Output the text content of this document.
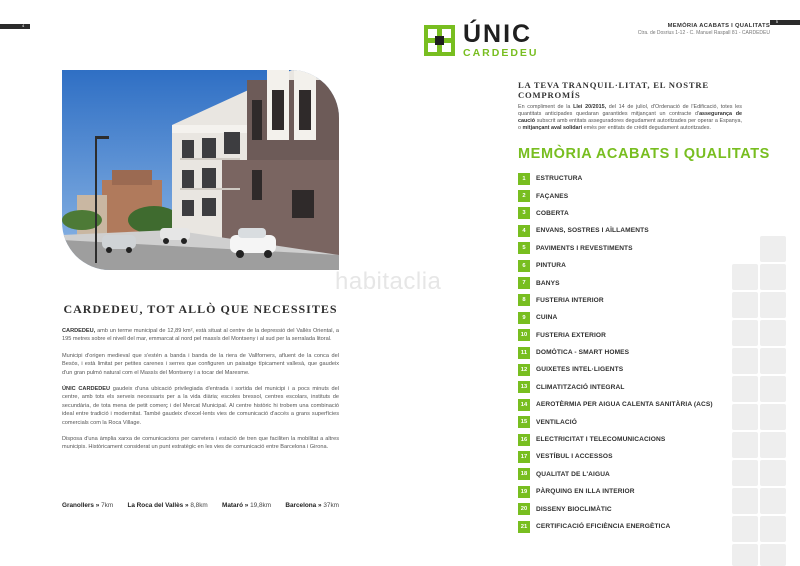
4
CARDEDEU, TOT ALLÒ QUE NECESSITES

CARDEDEU, amb un terme municipal de 12,89 km², està situat al centre de la depressió del Vallès Oriental, a 195 metres sobre el nivell del mar, emmarcat al nord pel massís del Montseny i al sud per la serralada litoral.

Municipi d'origen medieval que s'estén a banda i banda de la riera de Vallforners, afluent de la conca del Besòs, i està limitat per petites carenes i serres que configuren un paisatge típicament vallesà, que gaudeix d'un gran pulmó natural com el Massís del Montseny i a tocar del Maresme.

ÚNIC CARDEDEU gaudeix d'una ubicació privilegiada d'entrada i sortida del municipi i a pocs minuts del centre, amb tots els serveis necessaris per a la vida diària; escoles bressol, centres escolars, instituts de secundària, de tota mena de petit comerç i del Mercat Municipal. Al centre històric hi trobem una combinació ideal entre tradició i modernitat. També gaudeix d'excel·lents vies de comunicació d'accés a grans superfícies comercials com la Roca Village.

Disposa d'una àmplia xarxa de comunicacions per carretera i estació de tren que faciliten la mobilitat a altres municipis. Històricament considerat un punt estratègic en les vies de comunicació entre Barcelona i Girona.

Granollers » 7km La Roca del Vallès » 8,8km Mataró » 19,8km Barcelona » 37km
5
ÚNIC
CARDEDEU
MEMÒRIA ACABATS I QUALITATS
Ctra. de Dosrius 1-12 - C. Manuel Raspall 81 - CARDEDEU
LA TEVA TRANQUIL·LITAT, EL NOSTRE COMPROMÍS

En compliment de la Llei 20/2015, del 14 de juliol, d'Ordenació de l'Edificació, totes les quantitats anticipades quedaran garantides mitjançant un contracte d'assegurança de caució subscrit amb entitats asseguradores degudament autoritzades per operar a Espanya, o mitjançant aval solidari emès per entitats de crèdit degudament autoritzades.

MEMÒRIA ACABATS I QUALITATS
1	ESTRUCTURA
2	FAÇANES
3	COBERTA
4	ENVANS, SOSTRES I AÏLLAMENTS
5	PAVIMENTS I REVESTIMENTS
6	PINTURA
7	BANYS
8	FUSTERIA INTERIOR
9	CUINA
10	FUSTERIA EXTERIOR
11	DOMÒTICA - SMART HOMES
12	GUIXETES INTEL·LIGENTS
13	CLIMATITZACIÓ INTEGRAL
14	AEROTÈRMIA PER AIGUA CALENTA SANITÀRIA (ACS)
15	VENTILACIÓ
16	ELECTRICITAT I TELECOMUNICACIONS
17	VESTÍBUL I ACCESSOS
18	QUALITAT DE L'AIGUA
19	PÀRQUING EN ILLA INTERIOR
20	DISSENY BIOCLIMÀTIC
21	CERTIFICACIÓ EFICIÈNCIA ENERGÈTICA
habitaclia
